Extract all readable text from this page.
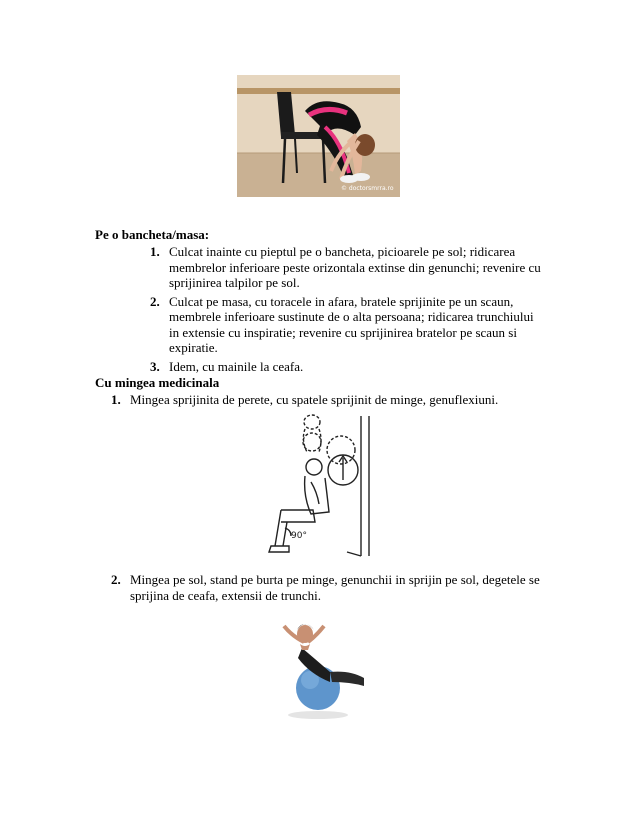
© doctorsmrra.ro
Pe o bancheta/masa:
1. Culcat inainte cu pieptul pe o bancheta, picioarele pe sol; ridicarea membrelor inferioare peste orizontala extinse din genunchi; revenire cu sprijinirea talpilor pe sol.
2. Culcat pe masa, cu toracele in afara, bratele sprijinite pe un scaun, membrele inferioare sustinute de o alta persoana; ridicarea trunchiului in extensie cu inspiratie; revenire cu sprijinirea bratelor pe scaun si expiratie.
3. Idem, cu mainile la ceafa.
Cu mingea medicinala
1. Mingea sprijinita de perete, cu spatele sprijinit de minge, genuflexiuni.
90°
2. Mingea pe sol, stand pe burta pe minge, genunchii in sprijin pe sol, degetele se sprijina de ceafa, extensii de trunchi.
